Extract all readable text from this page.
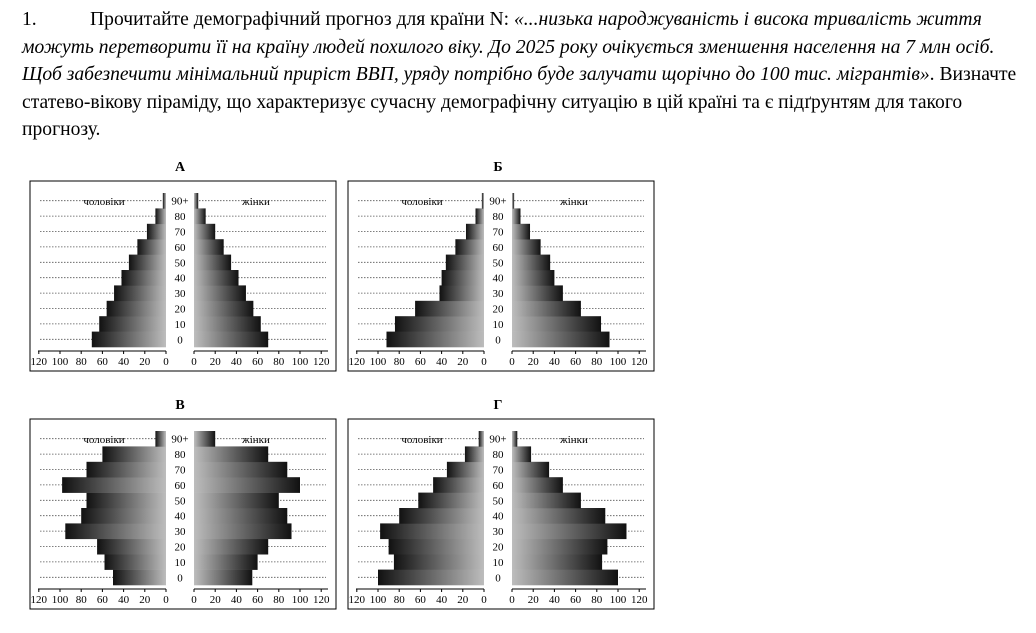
1.	Прочитайте демографічний прогноз для країни N: «...низька народжуваність і висока тривалість життя можуть перетворити її на країну людей похилого віку. До 2025 року очікується зменшення населення на 7 млн осіб. Щоб забезпечити мінімальний приріст ВВП, уряду потрібно буде залучати щорічно до 100 тис. мігрантів». Визначте статево-вікову піраміду, що характеризує сучасну демографічну ситуацію в цій країні та є підґрунтям для такого прогнозу.
А
чоловіки	жінки
0
10
20
30
40
50
60
70
80
90+
120 100 80 60 40 20 0 0 20 40 60 80 100 120
Б
чоловіки	жінки
0
10
20
30
40
50
60
70
80
90+
120 100 80 60 40 20 0 0 20 40 60 80 100 120
В
чоловіки	жінки
0
10
20
30
40
50
60
70
80
90+
120 100 80 60 40 20 0 0 20 40 60 80 100 120
Г
чоловіки	жінки
0
10
20
30
40
50
60
70
80
90+
120 100 80 60 40 20 0 0 20 40 60 80 100 120
